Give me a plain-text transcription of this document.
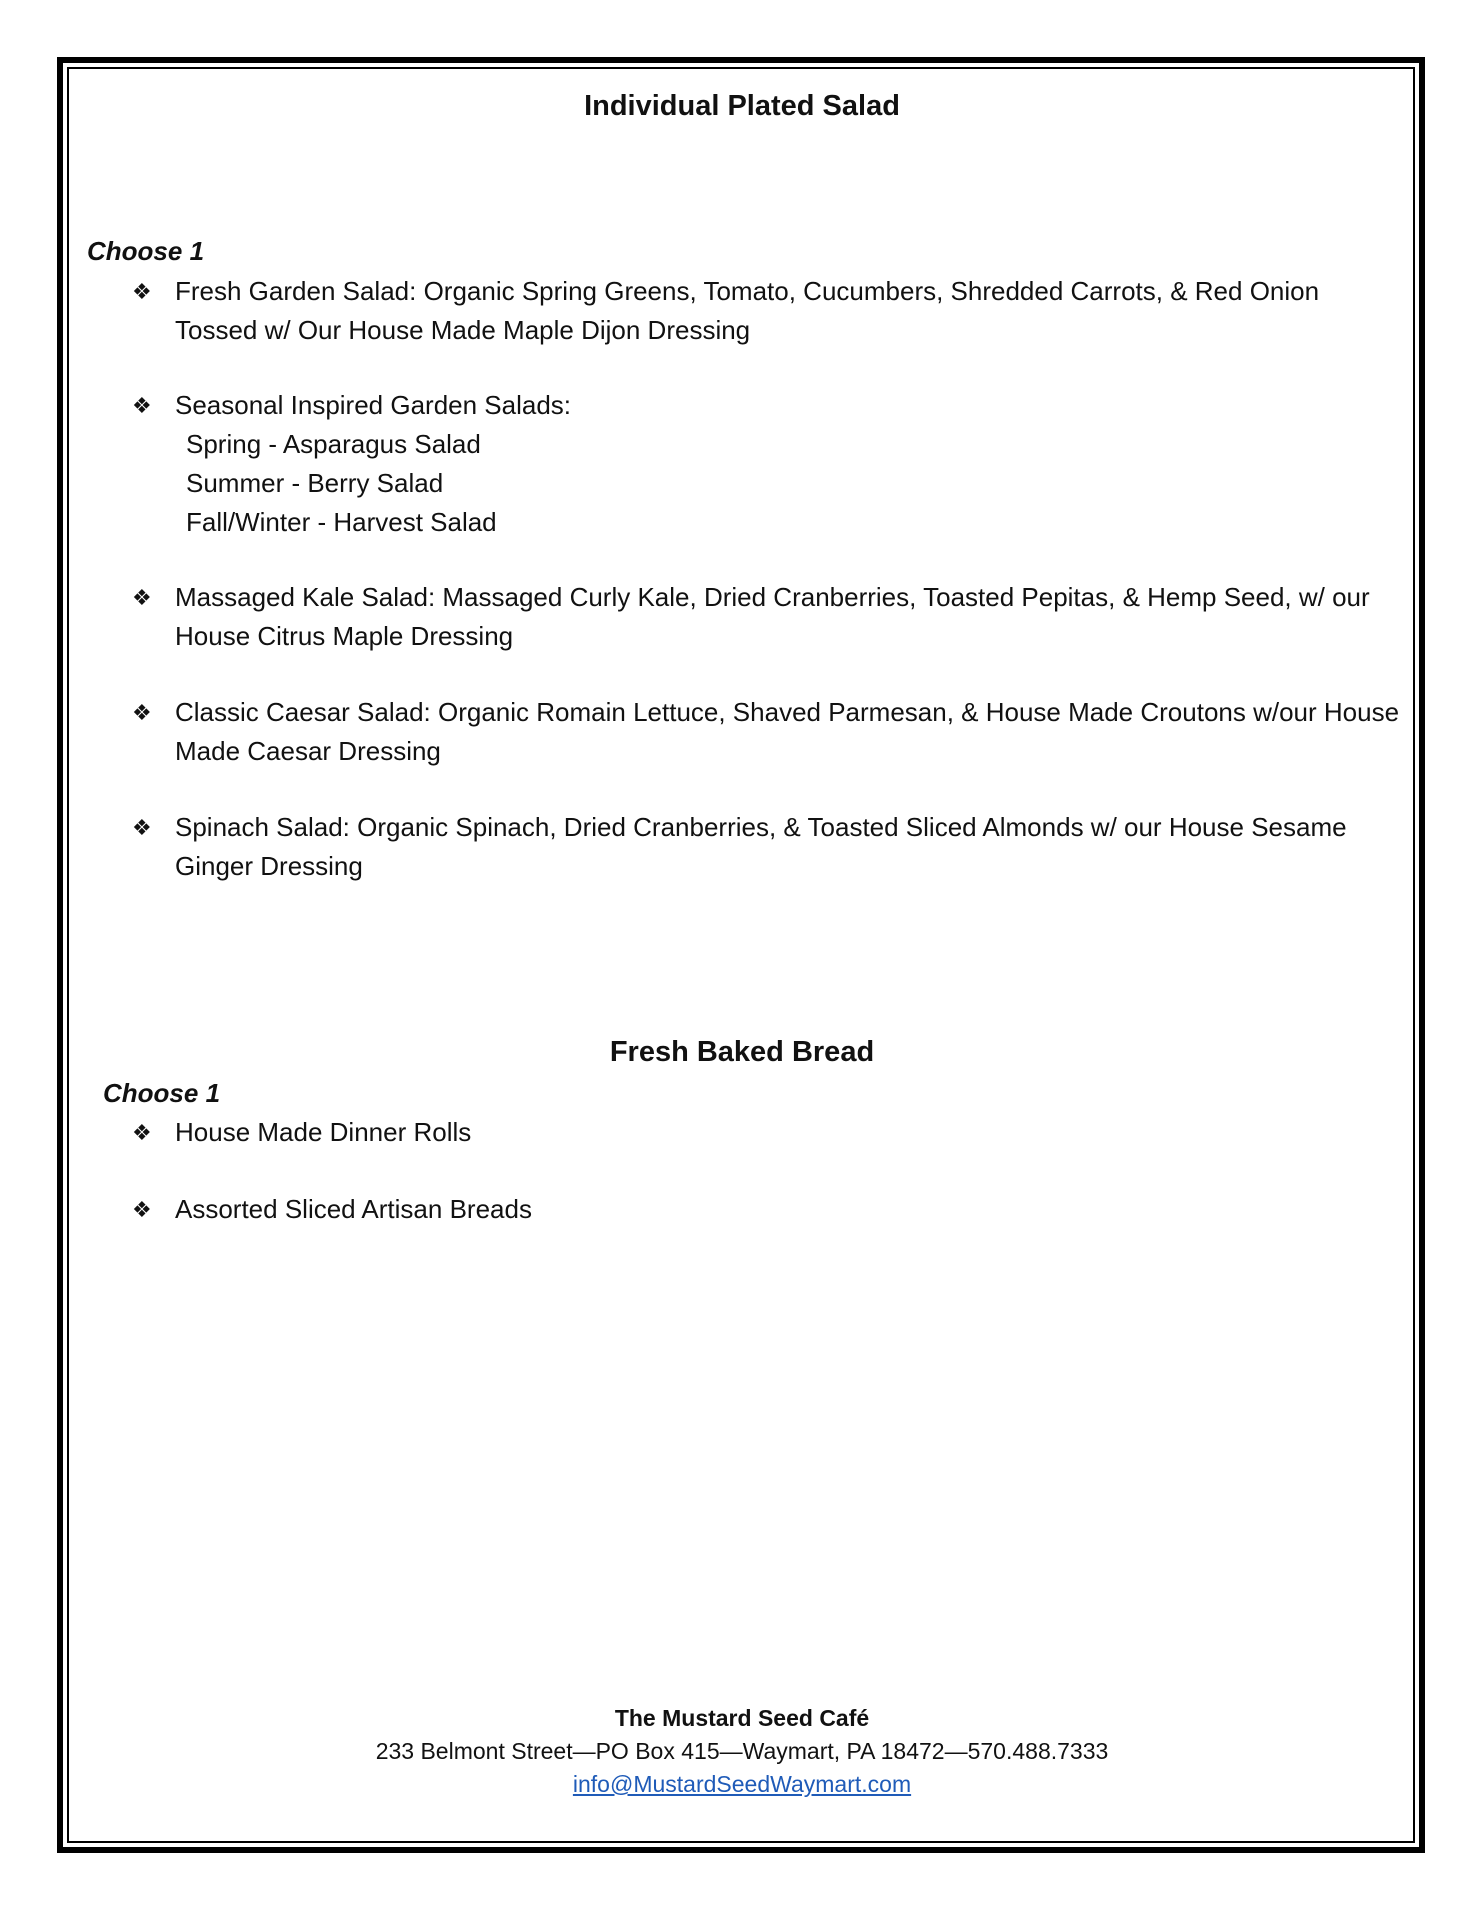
Individual Plated Salad

Choose 1

❖ Fresh Garden Salad: Organic Spring Greens, Tomato, Cucumbers, Shredded Carrots, & Red Onion Tossed w/ Our House Made Maple Dijon Dressing
❖ Seasonal Inspired Garden Salads:
Spring - Asparagus Salad
Summer - Berry Salad
Fall/Winter - Harvest Salad
❖ Massaged Kale Salad: Massaged Curly Kale, Dried Cranberries, Toasted Pepitas, & Hemp Seed, w/ our House Citrus Maple Dressing
❖ Classic Caesar Salad: Organic Romain Lettuce, Shaved Parmesan, & House Made Croutons w/our House Made Caesar Dressing
❖ Spinach Salad: Organic Spinach, Dried Cranberries, & Toasted Sliced Almonds w/ our House Sesame Ginger Dressing
Fresh Baked Bread

Choose 1

❖ House Made Dinner Rolls
❖ Assorted Sliced Artisan Breads
The Mustard Seed Café
233 Belmont Street—PO Box 415—Waymart, PA 18472—570.488.7333
info@MustardSeedWaymart.com
